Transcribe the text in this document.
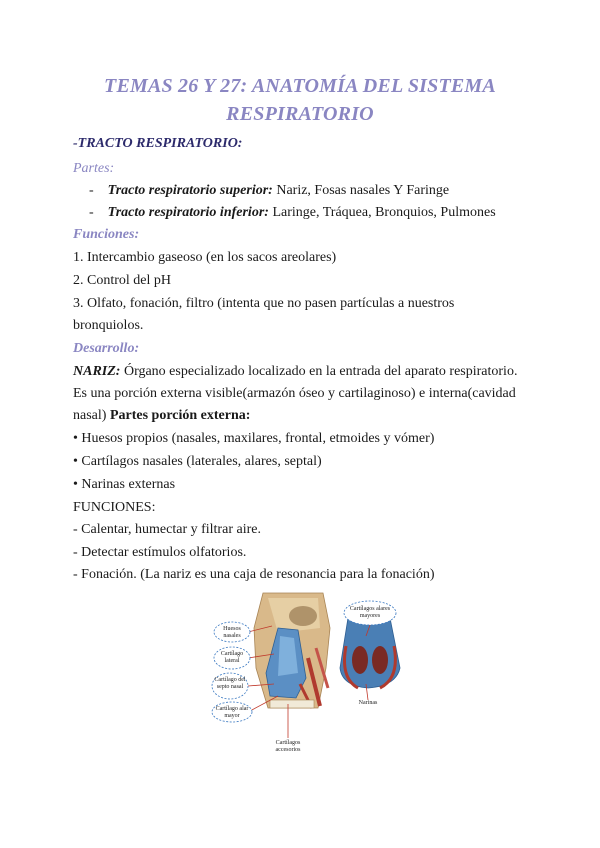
TEMAS 26 Y 27: ANATOMÍA DEL SISTEMA
RESPIRATORIO
-TRACTO RESPIRATORIO:
Partes:
-    Tracto respiratorio superior: Nariz, Fosas nasales Y Faringe
-    Tracto respiratorio inferior: Laringe, Tráquea, Bronquios, Pulmones
Funciones:
1. Intercambio gaseoso (en los sacos areolares)
2. Control del pH
3. Olfato, fonación, filtro (intenta que no pasen partículas a nuestros
bronquiolos.
Desarrollo:
NARIZ: Órgano especializado localizado en la entrada del aparato respiratorio.
Es una porción externa visible(armazón óseo y cartilaginoso) e interna(cavidad
nasal) Partes porción externa:
• Huesos propios (nasales, maxilares, frontal, etmoides y vómer)
• Cartílagos nasales (laterales, alares, septal)
• Narinas externas
FUNCIONES:
- Calentar, humectar y filtrar aire.
- Detectar estímulos olfatorios.
- Fonación. (La nariz es una caja de resonancia para la fonación)
Huesos nasales
Cartílago lateral
Cartílago del septo nasal
Cartílago alar mayor
Cartílagos alares mayores
Narinas
Cartílagos accesorios
